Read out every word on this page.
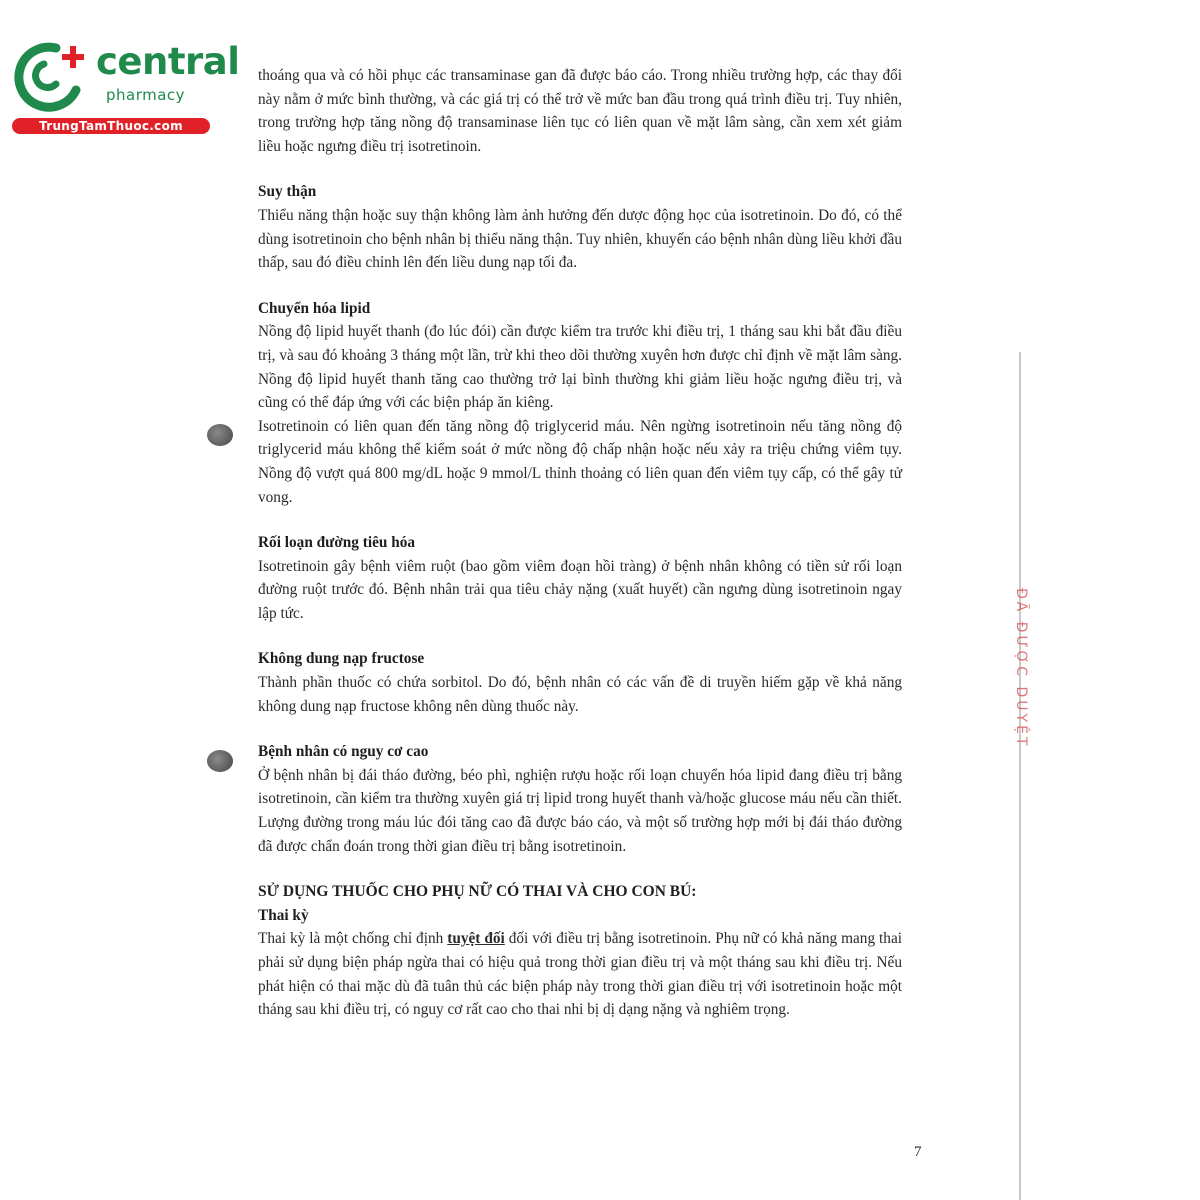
central
pharmacy
TrungTamThuoc.com
ĐÃ ĐƯỢC DUYỆT

thoáng qua và có hồi phục các transaminase gan đã được báo cáo. Trong nhiều trường hợp, các thay đổi này nằm ở mức bình thường, và các giá trị có thể trở về mức ban đầu trong quá trình điều trị. Tuy nhiên, trong trường hợp tăng nồng độ transaminase liên tục có liên quan về mặt lâm sàng, cần xem xét giảm liều hoặc ngưng điều trị isotretinoin.

Suy thận

Thiểu năng thận hoặc suy thận không làm ảnh hưởng đến dược động học của isotretinoin. Do đó, có thể dùng isotretinoin cho bệnh nhân bị thiểu năng thận. Tuy nhiên, khuyến cáo bệnh nhân dùng liều khởi đầu thấp, sau đó điều chỉnh lên đến liều dung nạp tối đa.

Chuyển hóa lipid

Nồng độ lipid huyết thanh (đo lúc đói) cần được kiểm tra trước khi điều trị, 1 tháng sau khi bắt đầu điều trị, và sau đó khoảng 3 tháng một lần, trừ khi theo dõi thường xuyên hơn được chỉ định về mặt lâm sàng. Nồng độ lipid huyết thanh tăng cao thường trở lại bình thường khi giảm liều hoặc ngưng điều trị, và cũng có thể đáp ứng với các biện pháp ăn kiêng.

Isotretinoin có liên quan đến tăng nồng độ triglycerid máu. Nên ngừng isotretinoin nếu tăng nồng độ triglycerid máu không thể kiểm soát ở mức nồng độ chấp nhận hoặc nếu xảy ra triệu chứng viêm tụy. Nồng độ vượt quá 800 mg/dL hoặc 9 mmol/L thỉnh thoảng có liên quan đến viêm tụy cấp, có thể gây tử vong.

Rối loạn đường tiêu hóa

Isotretinoin gây bệnh viêm ruột (bao gồm viêm đoạn hồi tràng) ở bệnh nhân không có tiền sử rối loạn đường ruột trước đó. Bệnh nhân trải qua tiêu chảy nặng (xuất huyết) cần ngưng dùng isotretinoin ngay lập tức.

Không dung nạp fructose

Thành phần thuốc có chứa sorbitol. Do đó, bệnh nhân có các vấn đề di truyền hiếm gặp về khả năng không dung nạp fructose không nên dùng thuốc này.

Bệnh nhân có nguy cơ cao

Ở bệnh nhân bị đái tháo đường, béo phì, nghiện rượu hoặc rối loạn chuyển hóa lipid đang điều trị bằng isotretinoin, cần kiểm tra thường xuyên giá trị lipid trong huyết thanh và/hoặc glucose máu nếu cần thiết. Lượng đường trong máu lúc đói tăng cao đã được báo cáo, và một số trường hợp mới bị đái tháo đường đã được chẩn đoán trong thời gian điều trị bằng isotretinoin.

SỬ DỤNG THUỐC CHO PHỤ NỮ CÓ THAI VÀ CHO CON BÚ:
Thai kỳ

Thai kỳ là một chống chỉ định tuyệt đối đối với điều trị bằng isotretinoin. Phụ nữ có khả năng mang thai phải sử dụng biện pháp ngừa thai có hiệu quả trong thời gian điều trị và một tháng sau khi điều trị. Nếu phát hiện có thai mặc dù đã tuân thủ các biện pháp này trong thời gian điều trị với isotretinoin hoặc một tháng sau khi điều trị, có nguy cơ rất cao cho thai nhi bị dị dạng nặng và nghiêm trọng.

7
